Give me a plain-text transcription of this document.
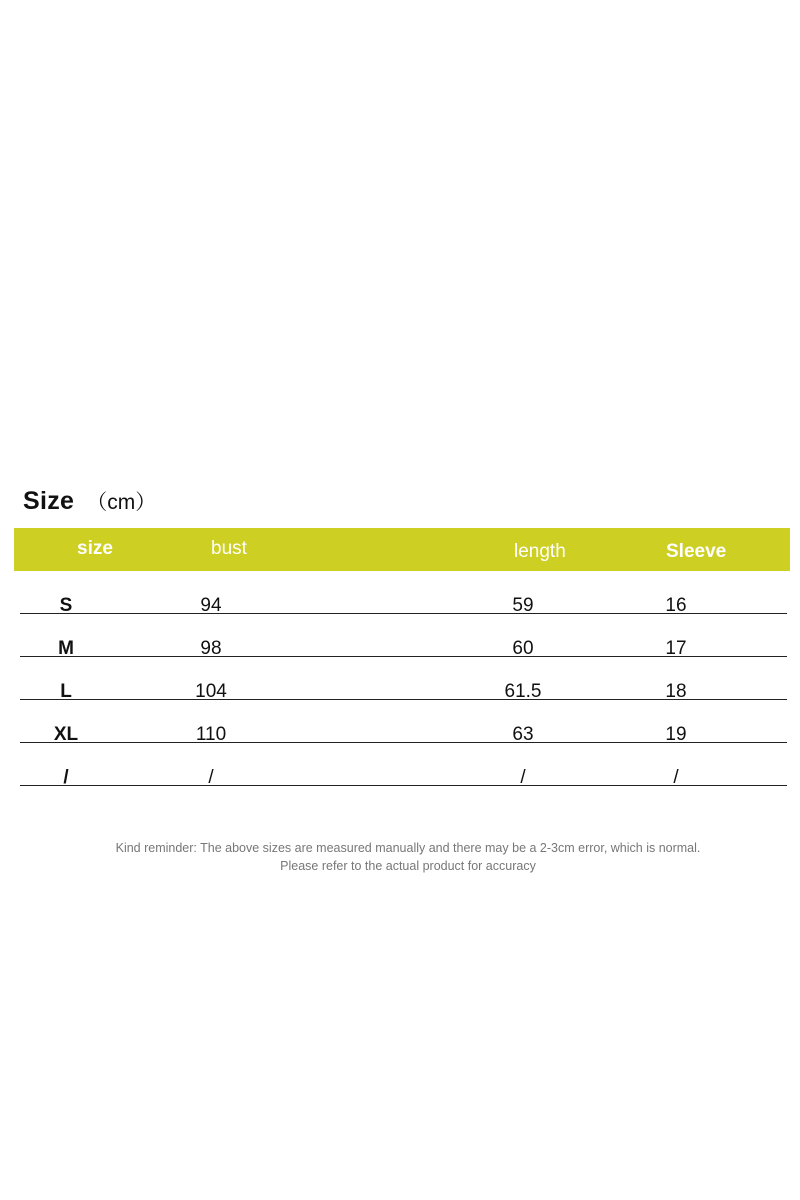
Size （cm）
size	bust	length	Sleeve
S	94	59	16
M	98	60	17
L	104	61.5	18
XL	110	63	19
/	/	/	/
Kind reminder: The above sizes are measured manually and there may be a 2-3cm error, which is normal.
Please refer to the actual product for accuracy
